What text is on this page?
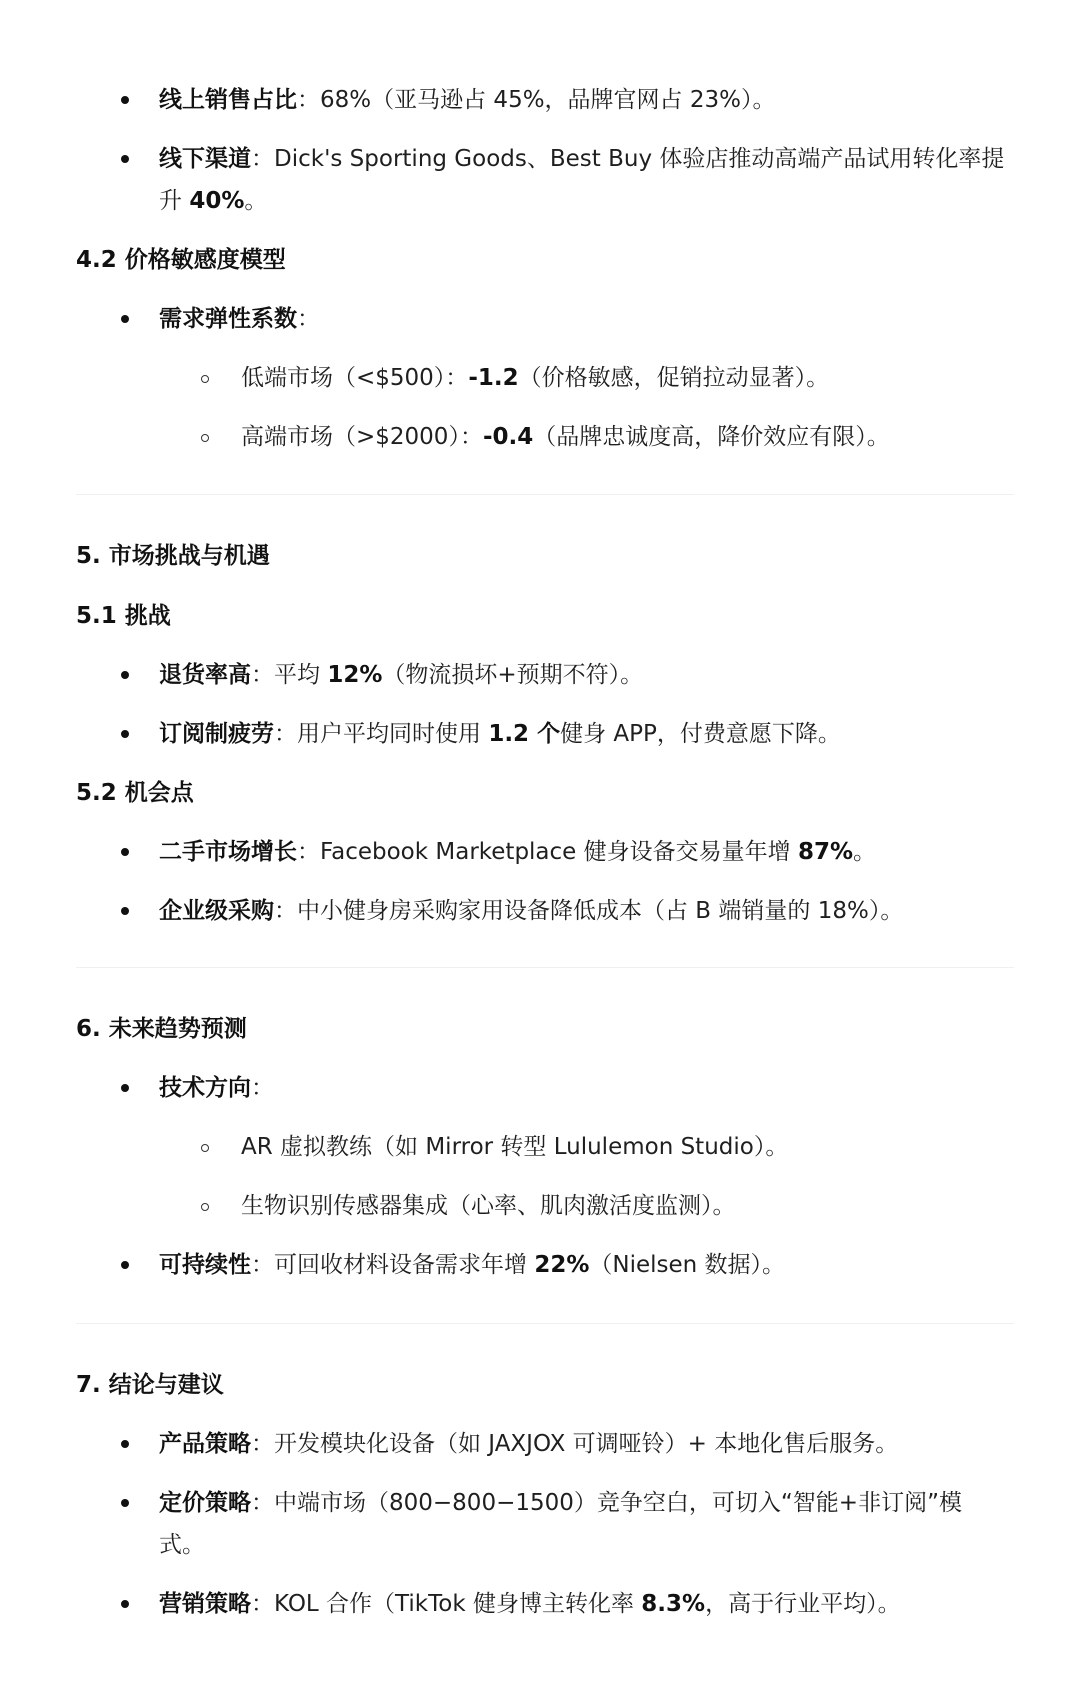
线上销售占比：68%（亚马逊占 45%，品牌官网占 23%）。
线下渠道：Dick's Sporting Goods、Best Buy 体验店推动高端产品试用转化率提
升 40%。
4.2 价格敏感度模型
需求弹性系数：
低端市场（<$500）：-1.2（价格敏感，促销拉动显著）。
高端市场（>$2000）：-0.4（品牌忠诚度高，降价效应有限）。
5. 市场挑战与机遇
5.1 挑战
退货率高：平均 12%（物流损坏+预期不符）。
订阅制疲劳：用户平均同时使用 1.2 个健身 APP，付费意愿下降。
5.2 机会点
二手市场增长：Facebook Marketplace 健身设备交易量年增 87%。
企业级采购：中小健身房采购家用设备降低成本（占 B 端销量的 18%）。
6. 未来趋势预测
技术方向：
AR 虚拟教练（如 Mirror 转型 Lululemon Studio）。
生物识别传感器集成（心率、肌肉激活度监测）。
可持续性：可回收材料设备需求年增 22%（Nielsen 数据）。
7. 结论与建议
产品策略：开发模块化设备（如 JAXJOX 可调哑铃）+ 本地化售后服务。
定价策略：中端市场（800−800−1500）竞争空白，可切入“智能+非订阅”模
式。
营销策略：KOL 合作（TikTok 健身博主转化率 8.3%，高于行业平均）。
